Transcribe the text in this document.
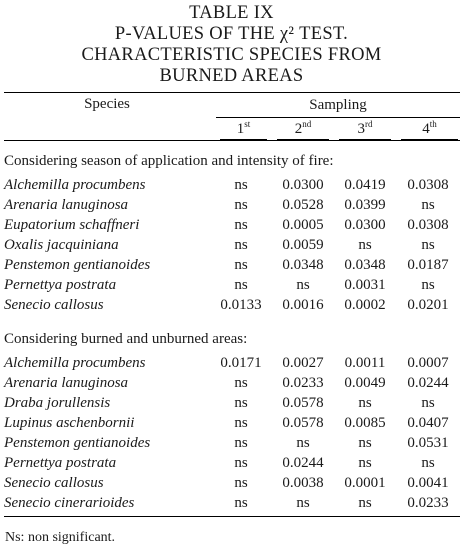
TABLE IX
P-VALUES OF THE χ² TEST.
CHARACTERISTIC SPECIES FROM
BURNED AREAS
Species	Sampling			

	1st	2nd	3rd	4th

Considering season of application and intensity of fire:				
Alchemilla procumbens	ns	0.0300	0.0419	0.0308
Arenaria lanuginosa	ns	0.0528	0.0399	ns
Eupatorium schaffneri	ns	0.0005	0.0300	0.0308
Oxalis jacquiniana	ns	0.0059	ns	ns
Penstemon gentianoides	ns	0.0348	0.0348	0.0187
Pernettya postrata	ns	ns	0.0031	ns
Senecio callosus	0.0133	0.0016	0.0002	0.0201

Considering burned and unburned areas:				
Alchemilla procumbens	0.0171	0.0027	0.0011	0.0007
Arenaria lanuginosa	ns	0.0233	0.0049	0.0244
Draba jorullensis	ns	0.0578	ns	ns
Lupinus aschenbornii	ns	0.0578	0.0085	0.0407
Penstemon gentianoides	ns	ns	ns	0.0531
Pernettya postrata	ns	0.0244	ns	ns
Senecio callosus	ns	0.0038	0.0001	0.0041
Senecio cinerarioides	ns	ns	ns	0.0233
Ns: non significant.
